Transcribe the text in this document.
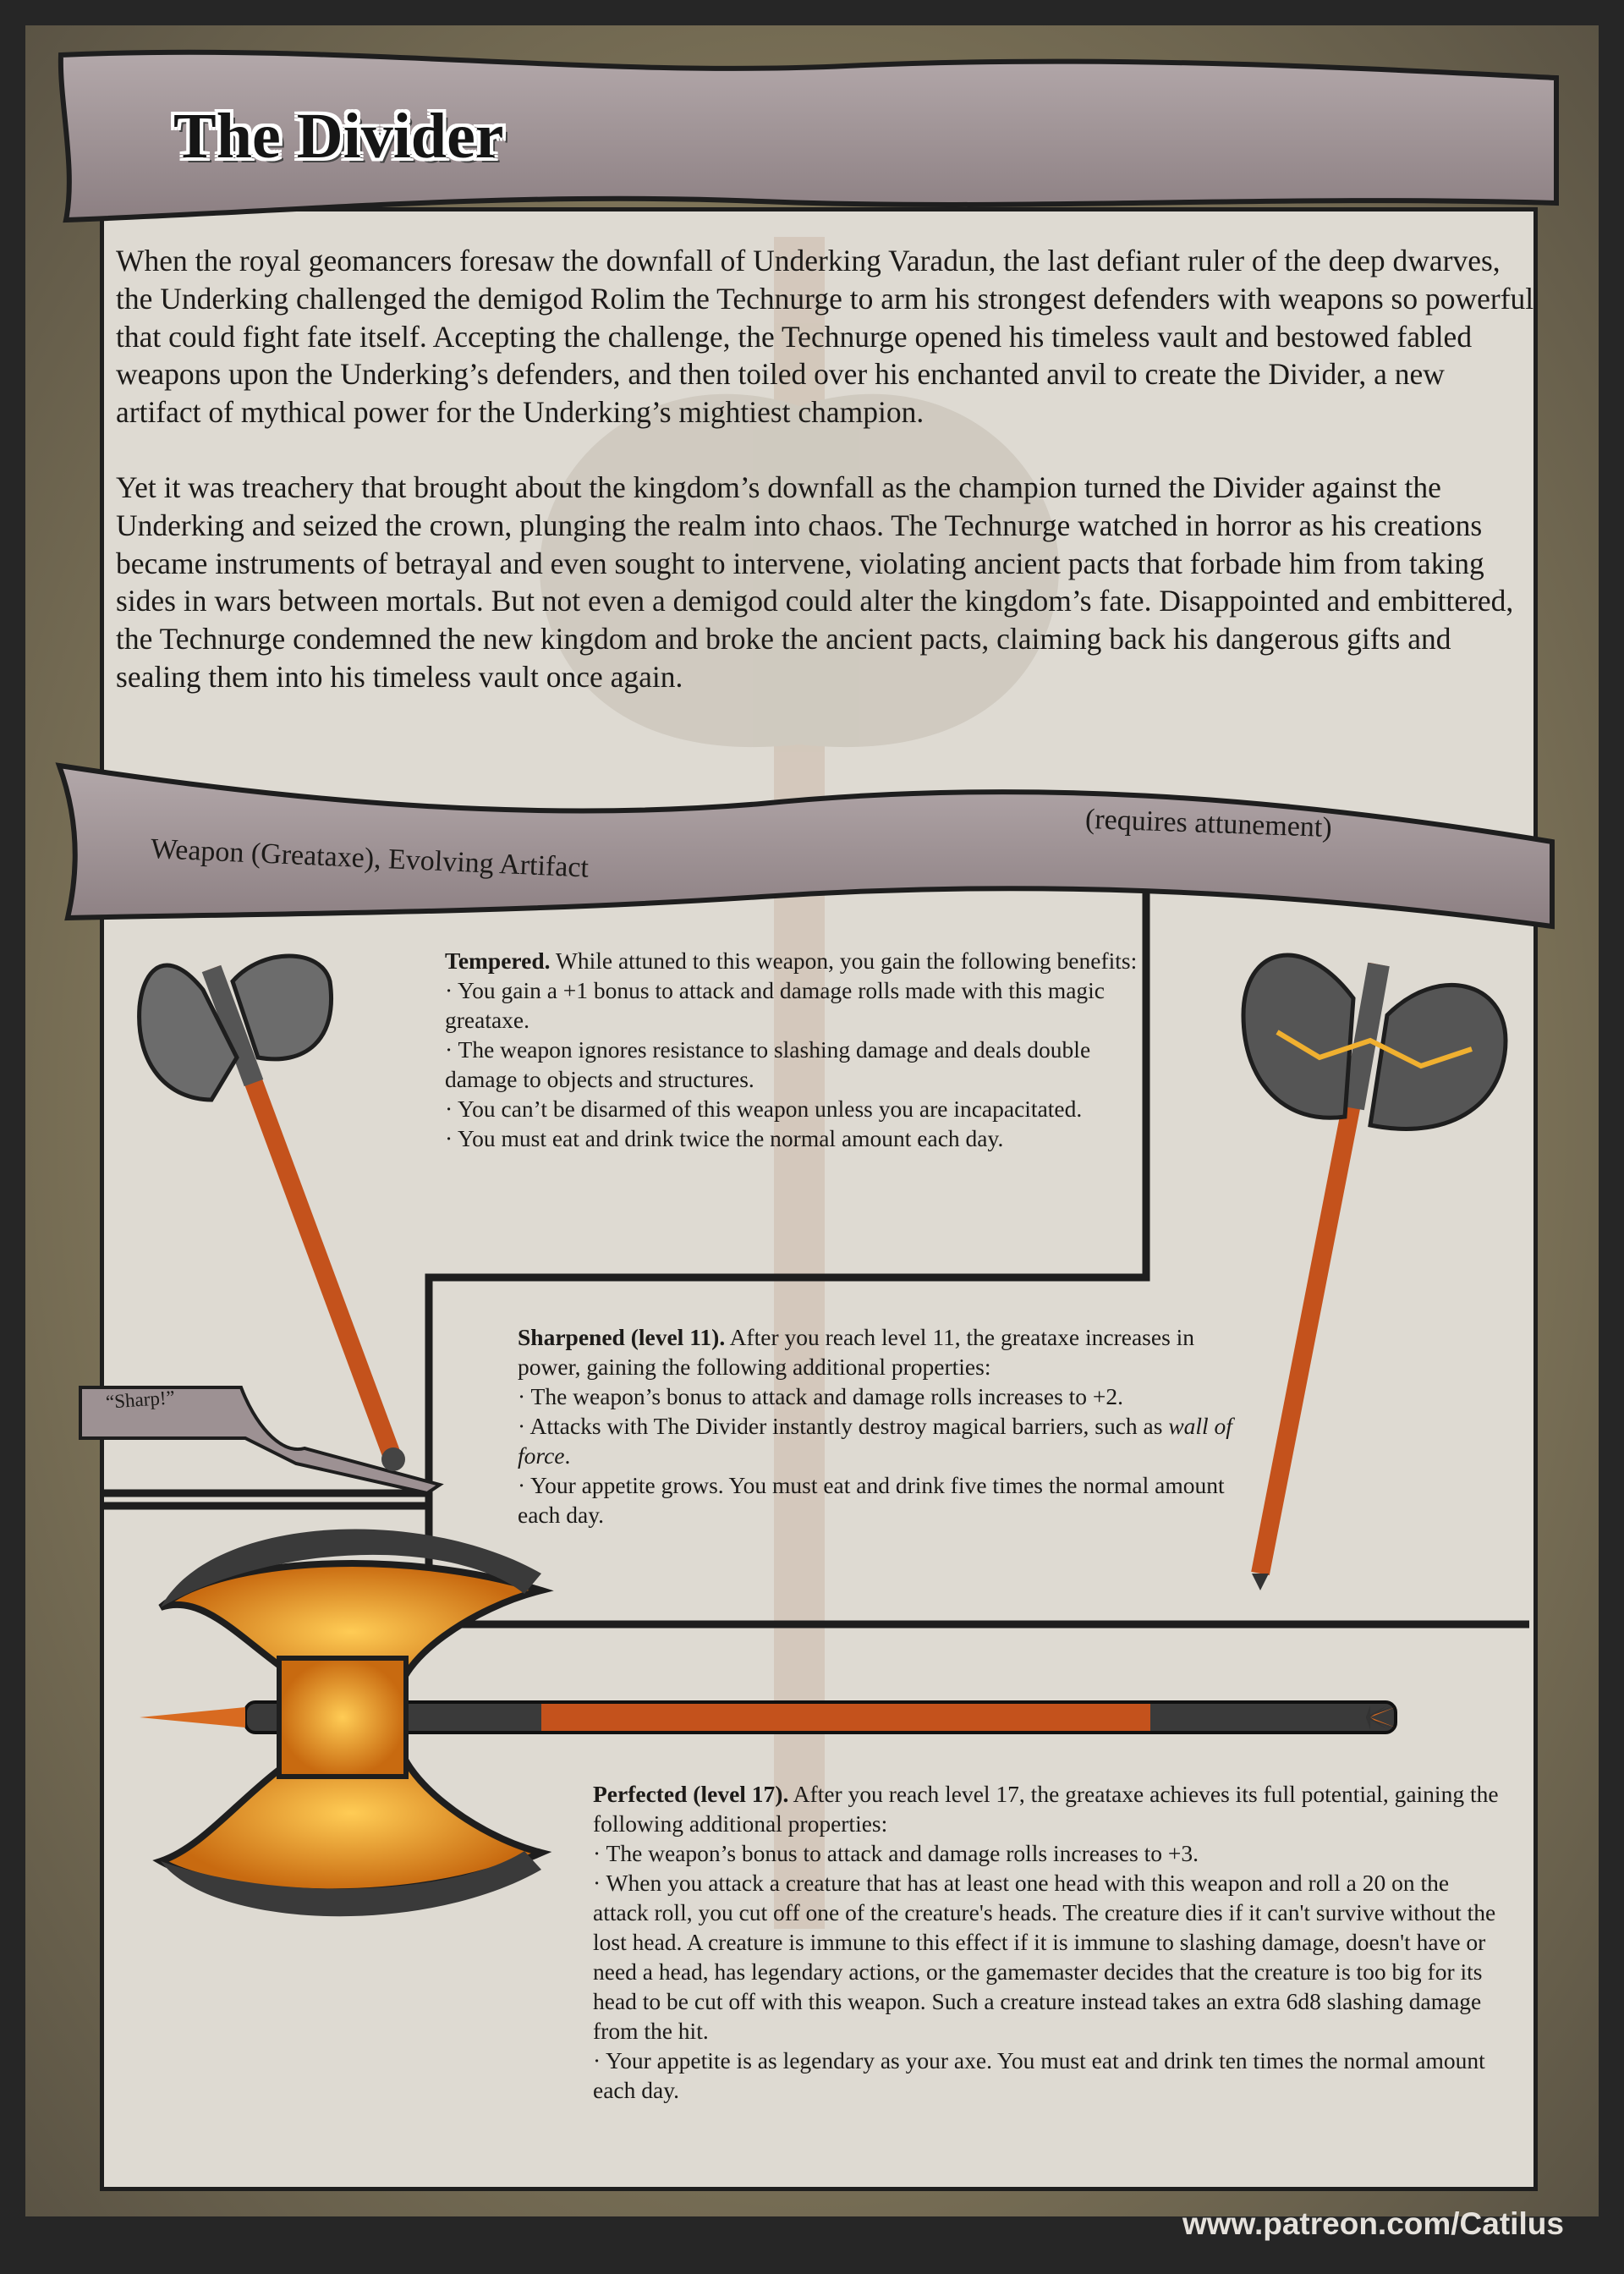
The Divider

When the royal geomancers foresaw the downfall of Underking Varadun, the last defiant ruler of the deep dwarves, the Underking challenged the demigod Rolim the Technurge to arm his strongest defenders with weapons so powerful that could fight fate itself. Accepting the challenge, the Technurge opened his timeless vault and bestowed fabled weapons upon the Underking’s defenders, and then toiled over his enchanted anvil to create the Divider, a new artifact of mythical power for the Underking’s mightiest champion.

Yet it was treachery that brought about the kingdom’s downfall as the champion turned the Divider against the Underking and seized the crown, plunging the realm into chaos. The Technurge watched in horror as his creations became instruments of betrayal and even sought to intervene, violating ancient pacts that forbade him from taking sides in wars between mortals. But not even a demigod could alter the kingdom’s fate. Disappointed and embittered, the Technurge condemned the new kingdom and broke the ancient pacts, claiming back his dangerous gifts and sealing them into his timeless vault once again.

Weapon (Greataxe), Evolving Artifact
(requires attunement)
Tempered. While attuned to this weapon, you gain the following benefits:
· You gain a +1 bonus to attack and damage rolls made with this magic greataxe.
· The weapon ignores resistance to slashing damage and deals double damage to objects and structures.
· You can’t be disarmed of this weapon unless you are incapacitated.
· You must eat and drink twice the normal amount each day.
Sharpened (level 11). After you reach level 11, the greataxe increases in power, gaining the following additional properties:
· The weapon’s bonus to attack and damage rolls increases to +2.
· Attacks with The Divider instantly destroy magical barriers, such as wall of force.
· Your appetite grows. You must eat and drink five times the normal amount each day.
Perfected (level 17). After you reach level 17, the greataxe achieves its full potential, gaining the following additional properties:
· The weapon’s bonus to attack and damage rolls increases to +3.
· When you attack a creature that has at least one head with this weapon and roll a 20 on the attack roll, you cut off one of the creature's heads. The creature dies if it can't survive without the lost head. A creature is immune to this effect if it is immune to slashing damage, doesn't have or need a head, has legendary actions, or the gamemaster decides that the creature is too big for its head to be cut off with this weapon. Such a creature instead takes an extra 6d8 slashing damage from the hit.
· Your appetite is as legendary as your axe. You must eat and drink ten times the normal amount each day.
“Sharp!”
www.patreon.com/Catilus
